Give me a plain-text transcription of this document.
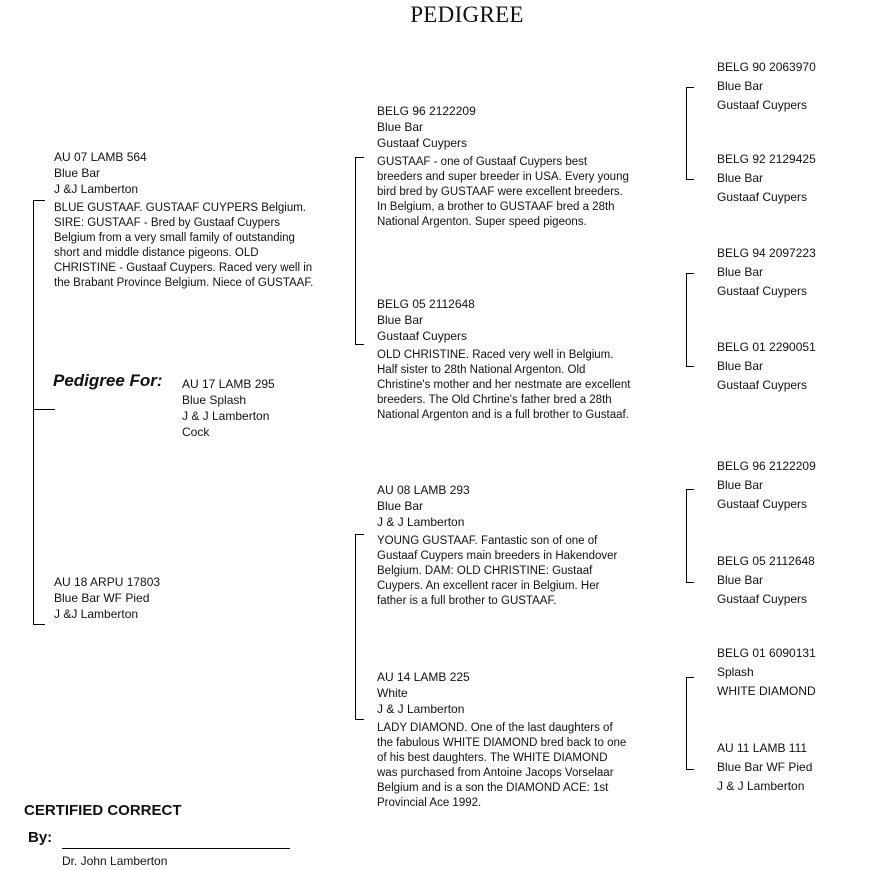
PEDIGREE
AU 07 LAMB 564
Blue Bar
J &J Lamberton
BLUE GUSTAAF. GUSTAAF CUYPERS Belgium. SIRE: GUSTAAF - Bred by Gustaaf Cuypers Belgium from a very small family of outstanding short and middle distance pigeons. OLD CHRISTINE - Gustaaf Cuypers. Raced very well in the Brabant Province Belgium. Niece of GUSTAAF.
Pedigree For: AU 17 LAMB 295
Blue Splash
J & J Lamberton
Cock
AU 18 ARPU 17803
Blue Bar WF Pied
J &J Lamberton
BELG 96 2122209
Blue Bar
Gustaaf Cuypers
GUSTAAF - one of Gustaaf Cuypers best breeders and super breeder in USA. Every young bird bred by GUSTAAF were excellent breeders. In Belgium, a brother to GUSTAAF bred a 28th National Argenton. Super speed pigeons.
BELG 05 2112648
Blue Bar
Gustaaf Cuypers
OLD CHRISTINE. Raced very well in Belgium. Half sister to 28th National Argenton. Old Christine's mother and her nestmate are excellent breeders. The Old Chrtine's father bred a 28th National Argenton and is a full brother to Gustaaf.
AU 08 LAMB 293
Blue Bar
J & J Lamberton
YOUNG GUSTAAF. Fantastic son of one of Gustaaf Cuypers main breeders in Hakendover Belgium. DAM: OLD CHRISTINE: Gustaaf Cuypers. An excellent racer in Belgium. Her father is a full brother to GUSTAAF.
AU 14 LAMB 225
White
J & J Lamberton
LADY DIAMOND. One of the last daughters of the fabulous WHITE DIAMOND bred back to one of his best daughters. The WHITE DIAMOND was purchased from Antoine Jacops Vorselaar Belgium and is a son the DIAMOND ACE: 1st Provincial Ace 1992.
BELG 90 2063970
Blue Bar
Gustaaf Cuypers
BELG 92 2129425
Blue Bar
Gustaaf Cuypers
BELG 94 2097223
Blue Bar
Gustaaf Cuypers
BELG 01 2290051
Blue Bar
Gustaaf Cuypers
BELG 96 2122209
Blue Bar
Gustaaf Cuypers
BELG 05 2112648
Blue Bar
Gustaaf Cuypers
BELG 01 6090131
Splash
WHITE DIAMOND
AU 11 LAMB 111
Blue Bar WF Pied
J & J Lamberton
CERTIFIED CORRECT
By:
Dr. John Lamberton
